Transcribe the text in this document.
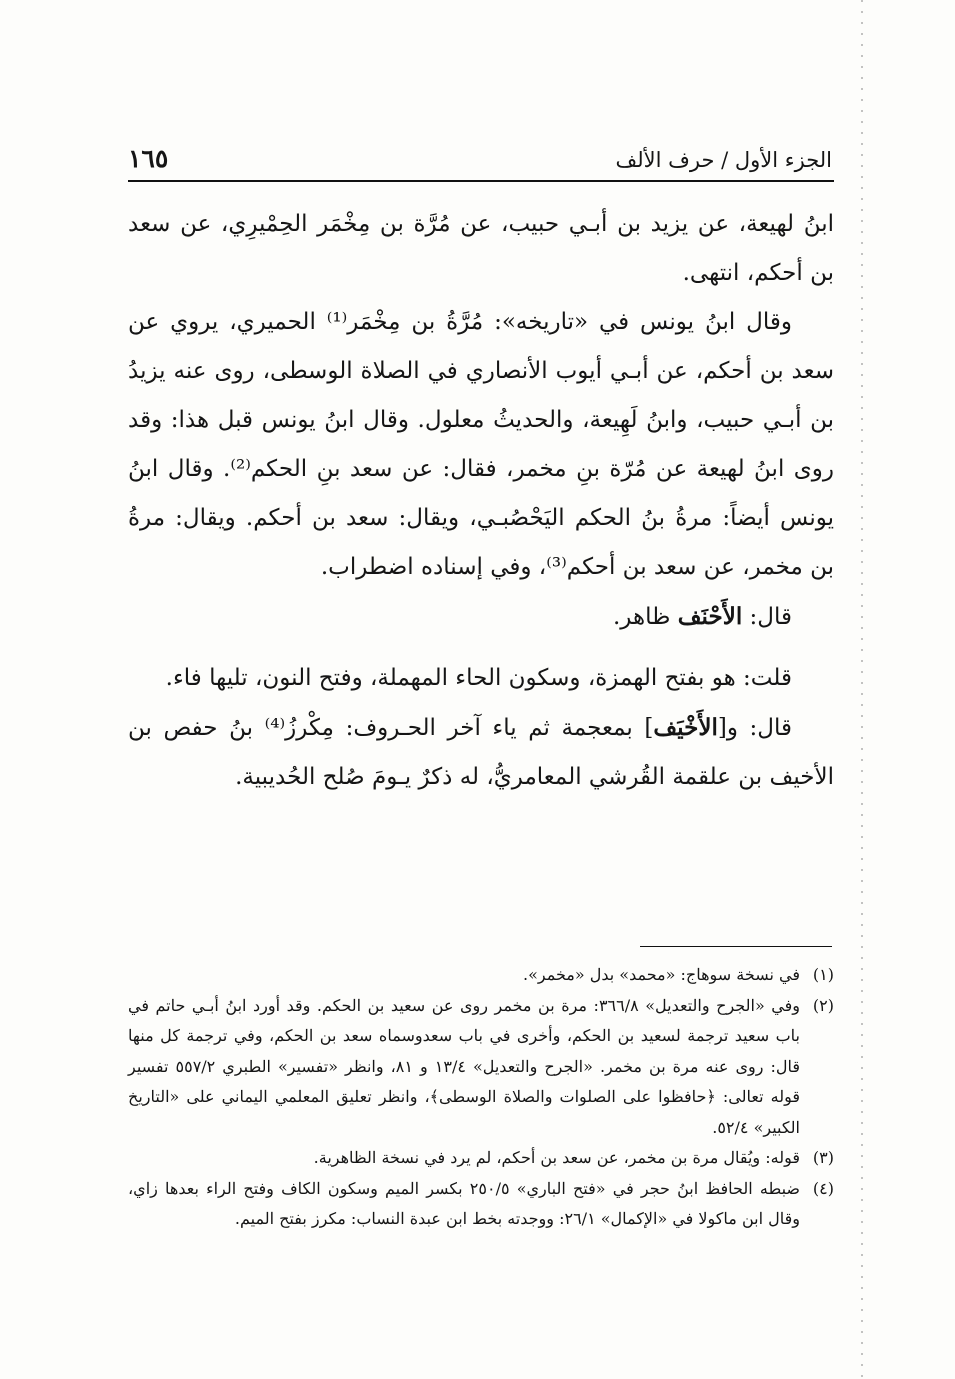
الجزء الأول / حرف الألف
١٦٥

ابنُ لهيعة، عن يزيد بن أبـي حبيب، عن مُرَّة بن مِخْمَر الحِمْيرِي، عن سعد بن أحكم، انتهى.

وقال ابنُ يونس في «تاريخه»: مُرَّةُ بن مِخْمَر⁽¹⁾ الحميري، يروي عن سعد بن أحكم، عن أبـي أيوب الأنصاري في الصلاة الوسطى، روى عنه يزيدُ بن أبـي حبيب، وابنُ لَهِيعة، والحديثُ معلول. وقال ابنُ يونس قبل هذا: وقد روى ابنُ لهيعة عن مُرّة بنِ مخمر، فقال: عن سعد بنِ الحكم⁽²⁾. وقال ابنُ يونس أيضاً: مرةُ بنُ الحكم اليَحْصُبـي، ويقال: سعد بن أحكم. ويقال: مرةُ بن مخمر، عن سعد بن أحكم⁽³⁾، وفي إسناده اضطراب.

قال: الأَحْنَف ظاهر.

قلت: هو بفتح الهمزة، وسكون الحاء المهملة، وفتح النون، تليها فاء.

قال: و[الأَخْيَف] بمعجمة ثم ياء آخر الحـروف: مِكْرزُ⁽⁴⁾ بنُ حفص بن الأخيف بن علقمة القُرشي المعامريُّ، له ذكرٌ يـومَ صُلح الحُديبية.

(١)
في نسخة سوهاج: «محمد» بدل «مخمر».
(٢)
وفي «الجرح والتعديل» ٣٦٦/٨: مرة بن مخمر روى عن سعيد بن الحكم. وقد أورد ابنُ أبـي حاتم في باب سعيد ترجمة لسعيد بن الحكم، وأخرى في باب سعدوسماه سعد بن الحكم، وفي ترجمة كل منها قال: روى عنه مرة بن مخمر. «الجرح والتعديل» ١٣/٤ و ٨١، وانظر «تفسير» الطبري ٥٥٧/٢ تفسير قوله تعالى: ﴿حافظوا على الصلوات والصلاة الوسطى﴾، وانظر تعليق المعلمي اليماني على «التاريخ الكبير» ٥٢/٤.
(٣)
قوله: ويُقال مرة بن مخمر، عن سعد بن أحكم، لم يرد في نسخة الظاهرية.
(٤)
ضبطه الحافظ ابنُ حجر في «فتح الباري» ٢٥٠/٥ بكسر الميم وسكون الكاف وفتح الراء بعدها زاي، وقال ابن ماكولا في «الإكمال» ٢٦/١: ووجدته بخط ابن عبدة النساب: مكرز بفتح الميم.
